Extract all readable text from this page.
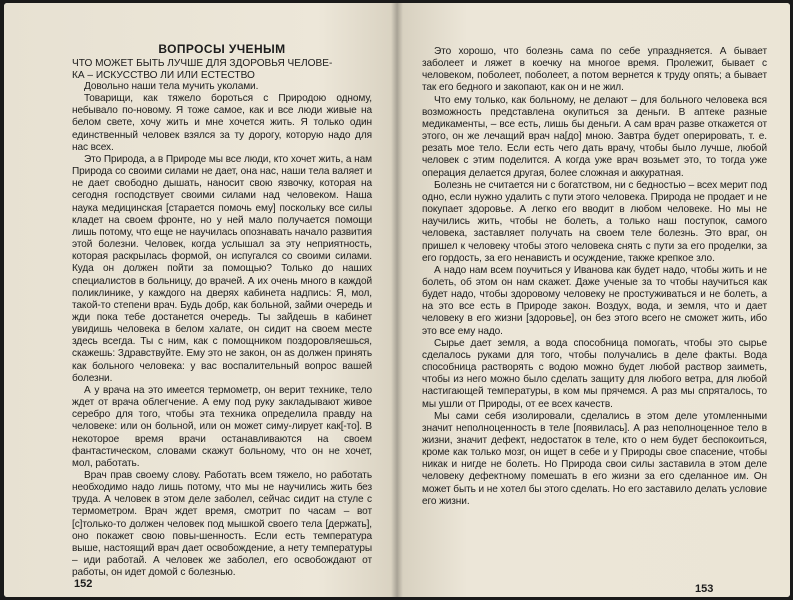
ВОПРОСЫ УЧЕНЫМ
ЧТО МОЖЕТ БЫТЬ ЛУЧШЕ ДЛЯ ЗДОРОВЬЯ ЧЕЛОВЕ-
КА – ИСКУССТВО ЛИ ИЛИ ЕСТЕСТВО

Довольно наши тела мучить уколами.

Товарищи, как тяжело бороться с Природою одному, небывало по-новому. Я тоже самое, как и все люди живые на белом свете, хочу жить и мне хочется жить. Я только один единственный человек взялся за ту дорогу, которую надо для нас всех.

Это Природа, а в Природе мы все люди, кто хочет жить, а нам Природа со своими силами не дает, она нас, наши тела валяет и не дает свободно дышать, наносит свою язвочку, которая на сегодня господствует своими силами над человеком. Наша наука медицинская [старается помочь ему] поскольку все силы кладет на своем фронте, но у ней мало получается помощи лишь потому, что еще не научилась опознавать начало развития этой болезни. Человек, когда услышал за эту неприятность, которая раскрылась формой, он испугался со своими силами. Куда он должен пойти за помощью? Только до наших специалистов в больницу, до врачей. А их очень много в каждой поликлинике, у каждого на дверях кабинета надпись: Я, мол, такой-то степени врач. Будь добр, как больной, займи очередь и жди пока тебе достанется очередь. Ты зайдешь в кабинет увидишь человека в белом халате, он сидит на своем месте здесь всегда. Ты с ним, как с помощником поздоровляешься, скажешь: Здравствуйте. Ему это не закон, он as должен принять как больного человека: у вас воспалительный вопрос вашей болезни.

А у врача на это имеется термометр, он верит технике, тело ждет от врача облегчение. А ему под руку закладывают живое серебро для того, чтобы эта техника определила правду на человеке: или он больной, или он может симу-лирует как[-то]. В некоторое время врачи останавливаются на своем фантастическом, словами скажут больному, что он не хочет, мол, работать.

Врач прав своему слову. Работать всем тяжело, но работать необходимо надо лишь потому, что мы не научились жить без труда. А человек в этом деле заболел, сейчас сидит на стуле с термометром. Врач ждет время, смотрит по часам – вот [с]только-то должен человек под мышкой своего тела [держать], оно покажет свою повы-шенность. Если есть температура выше, настоящий врач дает освобождение, а нету температуры – иди работай. А человек же заболел, его освобождают от работы, он идет домой с болезнью.

152

Это хорошо, что болезнь сама по себе упраздняется. А бывает заболеет и ляжет в коечку на многое время. Пролежит, бывает с человеком, поболеет, поболеет, а потом вернется к труду опять; а бывает так его бедного и закопают, как он и не жил.

Что ему только, как больному, не делают – для больного человека вся возможность представлена окупиться за деньги. В аптеке разные медикаменты, – все есть, лишь бы деньги. А сам врач разве откажется от этого, он же лечащий врач на[до] мною. Завтра будет оперировать, т. е. резать мое тело. Если есть чего дать врачу, чтобы было лучше, любой человек с этим поделится. А когда уже врач возьмет это, то тогда уже операция делается другая, более сложная и аккуратная.

Болезнь не считается ни с богатством, ни с бедностью – всех мерит под одно, если нужно удалить с пути этого человека. Природа не продает и не покупает здоровье. А легко его вводит в любом человеке. Но мы не научились жить, чтобы не болеть, а только наш поступок, самого человека, заставляет получать на своем теле болезнь. Это враг, он пришел к человеку чтобы этого человека снять с пути за его проделки, за его гордость, за его ненависть и осуждение, также крепкое зло.

А надо нам всем поучиться у Иванова как будет надо, чтобы жить и не болеть, об этом он нам скажет. Даже ученые за то чтобы научиться как будет надо, чтобы здоровому человеку не простуживаться и не болеть, а на это все есть в Природе закон. Воздух, вода, и земля, что и дает человеку в его жизни [здоровье], он без этого всего не сможет жить, ибо это все ему надо.

Сырье дает земля, а вода способница помогать, чтобы это сырье сделалось руками для того, чтобы получались в деле факты. Вода способница растворять с водою можно будет любой раствор заиметь, чтобы из него можно было сделать защиту для любого ветра, для любой настигающей температуры, в ком мы прячемся. А раз мы спряталось, то мы ушли от Природы, от ее всех качеств.

Мы сами себя изолировали, сделались в этом деле утомленными значит неполноценность в теле [появилась]. А раз неполноценное тело в жизни, значит дефект, недостаток в теле, кто о нем будет беспокоиться, кроме как только мозг, он ищет в себе и у Природы свое спасение, чтобы никак и нигде не болеть. Но Природа свои силы заставила в этом деле человеку дефектному помешать в его жизни за его сделанное им. Он может быть и не хотел бы этого сделать. Но его заставило делать условие его жизни.

153
